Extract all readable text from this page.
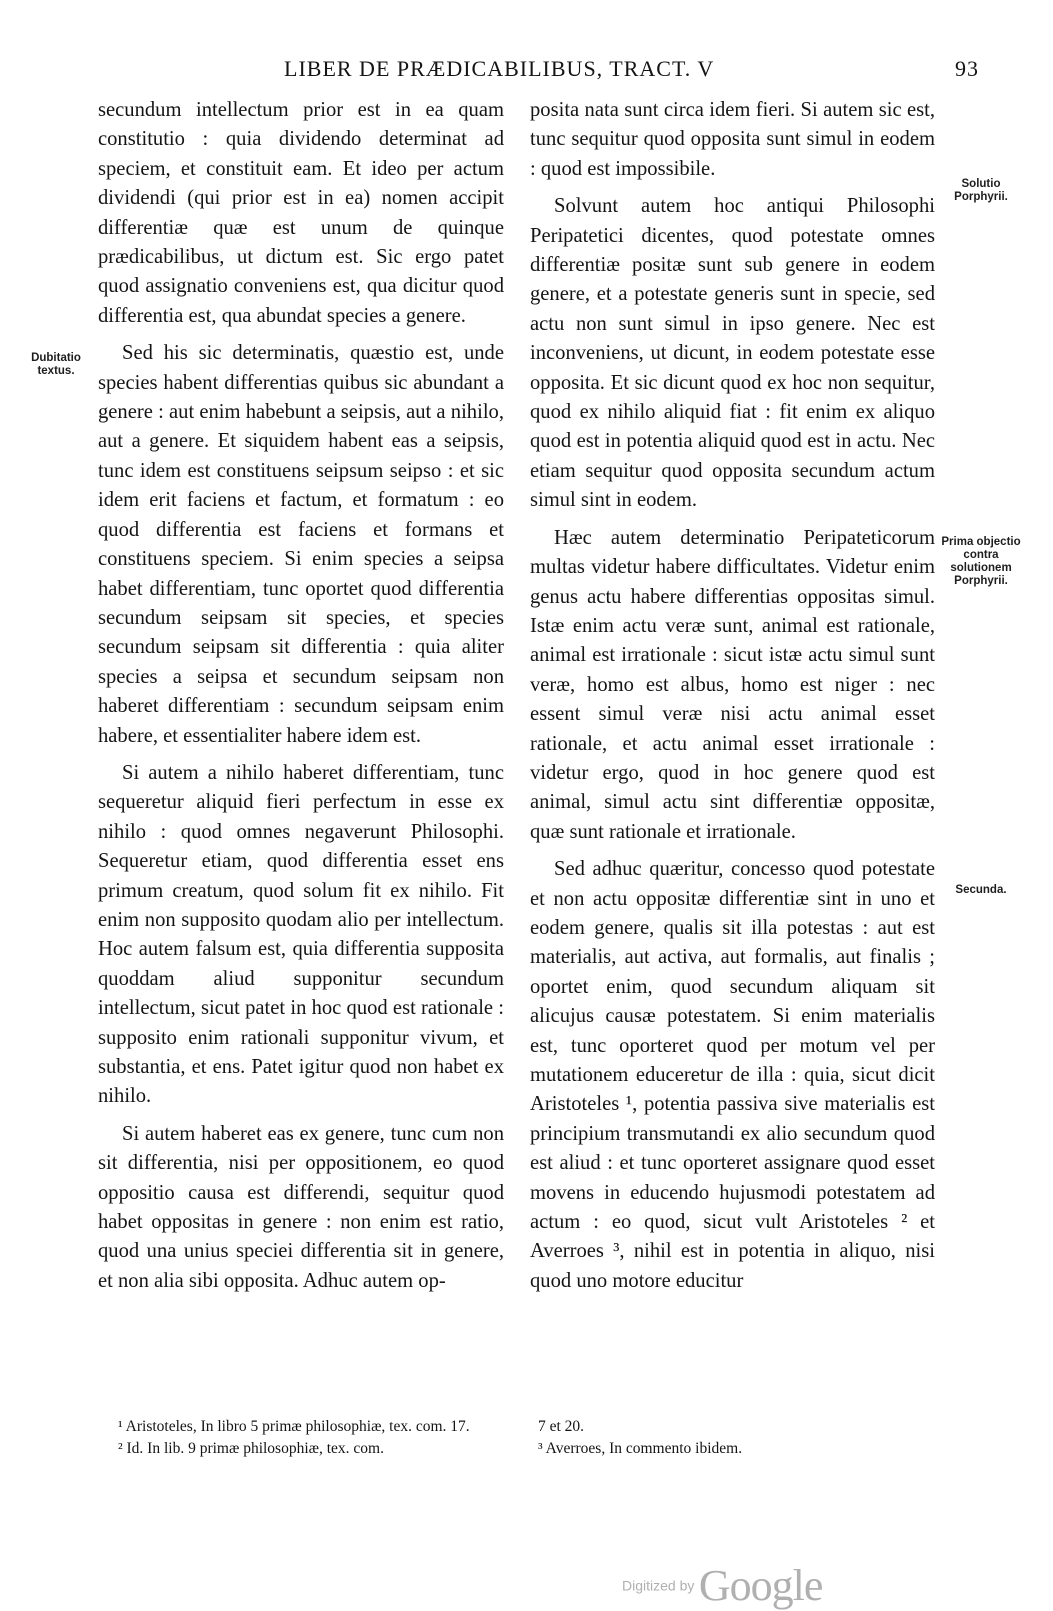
LIBER DE PRÆDICABILIBUS, TRACT. V	93

secundum intellectum prior est in ea quam constitutio : quia dividendo determinat ad speciem, et constituit eam. Et ideo per actum dividendi (qui prior est in ea) nomen accipit differentiæ quæ est unum de quinque prædicabilibus, ut dictum est. Sic ergo patet quod assignatio conveniens est, qua dicitur quod differentia est, qua abundat species a genere.

Sed his sic determinatis, quæstio est, unde species habent differentias quibus sic abundant a genere : aut enim habebunt a seipsis, aut a nihilo, aut a genere. Et siquidem habent eas a seipsis, tunc idem est constituens seipsum seipso : et sic idem erit faciens et factum, et formatum : eo quod differentia est faciens et formans et constituens speciem. Si enim species a seipsa habet differentiam, tunc oportet quod differentia secundum seipsam sit species, et species secundum seipsam sit differentia : quia aliter species a seipsa et secundum seipsam non haberet differentiam : secundum seipsam enim habere, et essentialiter habere idem est.

Si autem a nihilo haberet differentiam, tunc sequeretur aliquid fieri perfectum in esse ex nihilo : quod omnes negaverunt Philosophi. Sequeretur etiam, quod differentia esset ens primum creatum, quod solum fit ex nihilo. Fit enim non supposito quodam alio per intellectum. Hoc autem falsum est, quia differentia supposita quoddam aliud supponitur secundum intellectum, sicut patet in hoc quod est rationale : supposito enim rationali supponitur vivum, et substantia, et ens. Patet igitur quod non habet ex nihilo.

Si autem haberet eas ex genere, tunc cum non sit differentia, nisi per oppositionem, eo quod oppositio causa est differendi, sequitur quod habet oppositas in genere : non enim est ratio, quod una unius speciei differentia sit in genere, et non alia sibi opposita. Adhuc autem op-

posita nata sunt circa idem fieri. Si autem sic est, tunc sequitur quod opposita sunt simul in eodem : quod est impossibile.

Solvunt autem hoc antiqui Philosophi Peripatetici dicentes, quod potestate omnes differentiæ positæ sunt sub genere in eodem genere, et a potestate generis sunt in specie, sed actu non sunt simul in ipso genere. Nec est inconveniens, ut dicunt, in eodem potestate esse opposita. Et sic dicunt quod ex hoc non sequitur, quod ex nihilo aliquid fiat : fit enim ex aliquo quod est in potentia aliquid quod est in actu. Nec etiam sequitur quod opposita secundum actum simul sint in eodem.

Hæc autem determinatio Peripateticorum multas videtur habere difficultates. Videtur enim genus actu habere differentias oppositas simul. Istæ enim actu veræ sunt, animal est rationale, animal est irrationale : sicut istæ actu simul sunt veræ, homo est albus, homo est niger : nec essent simul veræ nisi actu animal esset rationale, et actu animal esset irrationale : videtur ergo, quod in hoc genere quod est animal, simul actu sint differentiæ oppositæ, quæ sunt rationale et irrationale.

Sed adhuc quæritur, concesso quod potestate et non actu oppositæ differentiæ sint in uno et eodem genere, qualis sit illa potestas : aut est materialis, aut activa, aut formalis, aut finalis ; oportet enim, quod secundum aliquam sit alicujus causæ potestatem. Si enim materialis est, tunc oporteret quod per motum vel per mutationem educeretur de illa : quia, sicut dicit Aristoteles ¹, potentia passiva sive materialis est principium transmutandi ex alio secundum quod est aliud : et tunc oporteret assignare quod esset movens in educendo hujusmodi potestatem ad actum : eo quod, sicut vult Aristoteles ² et Averroes ³, nihil est in potentia in aliquo, nisi quod uno motore educitur

Dubitatio textus.
Solutio Porphyrii.
Prima objectio contra solutionem Porphyrii.
Secunda.

¹ Aristoteles, In libro 5 primæ philosophiæ, tex. com. 17.

² Id. In lib. 9 primæ philosophiæ, tex. com.

7 et 20.

³ Averroes, In commento ibidem.

Digitized by Google
